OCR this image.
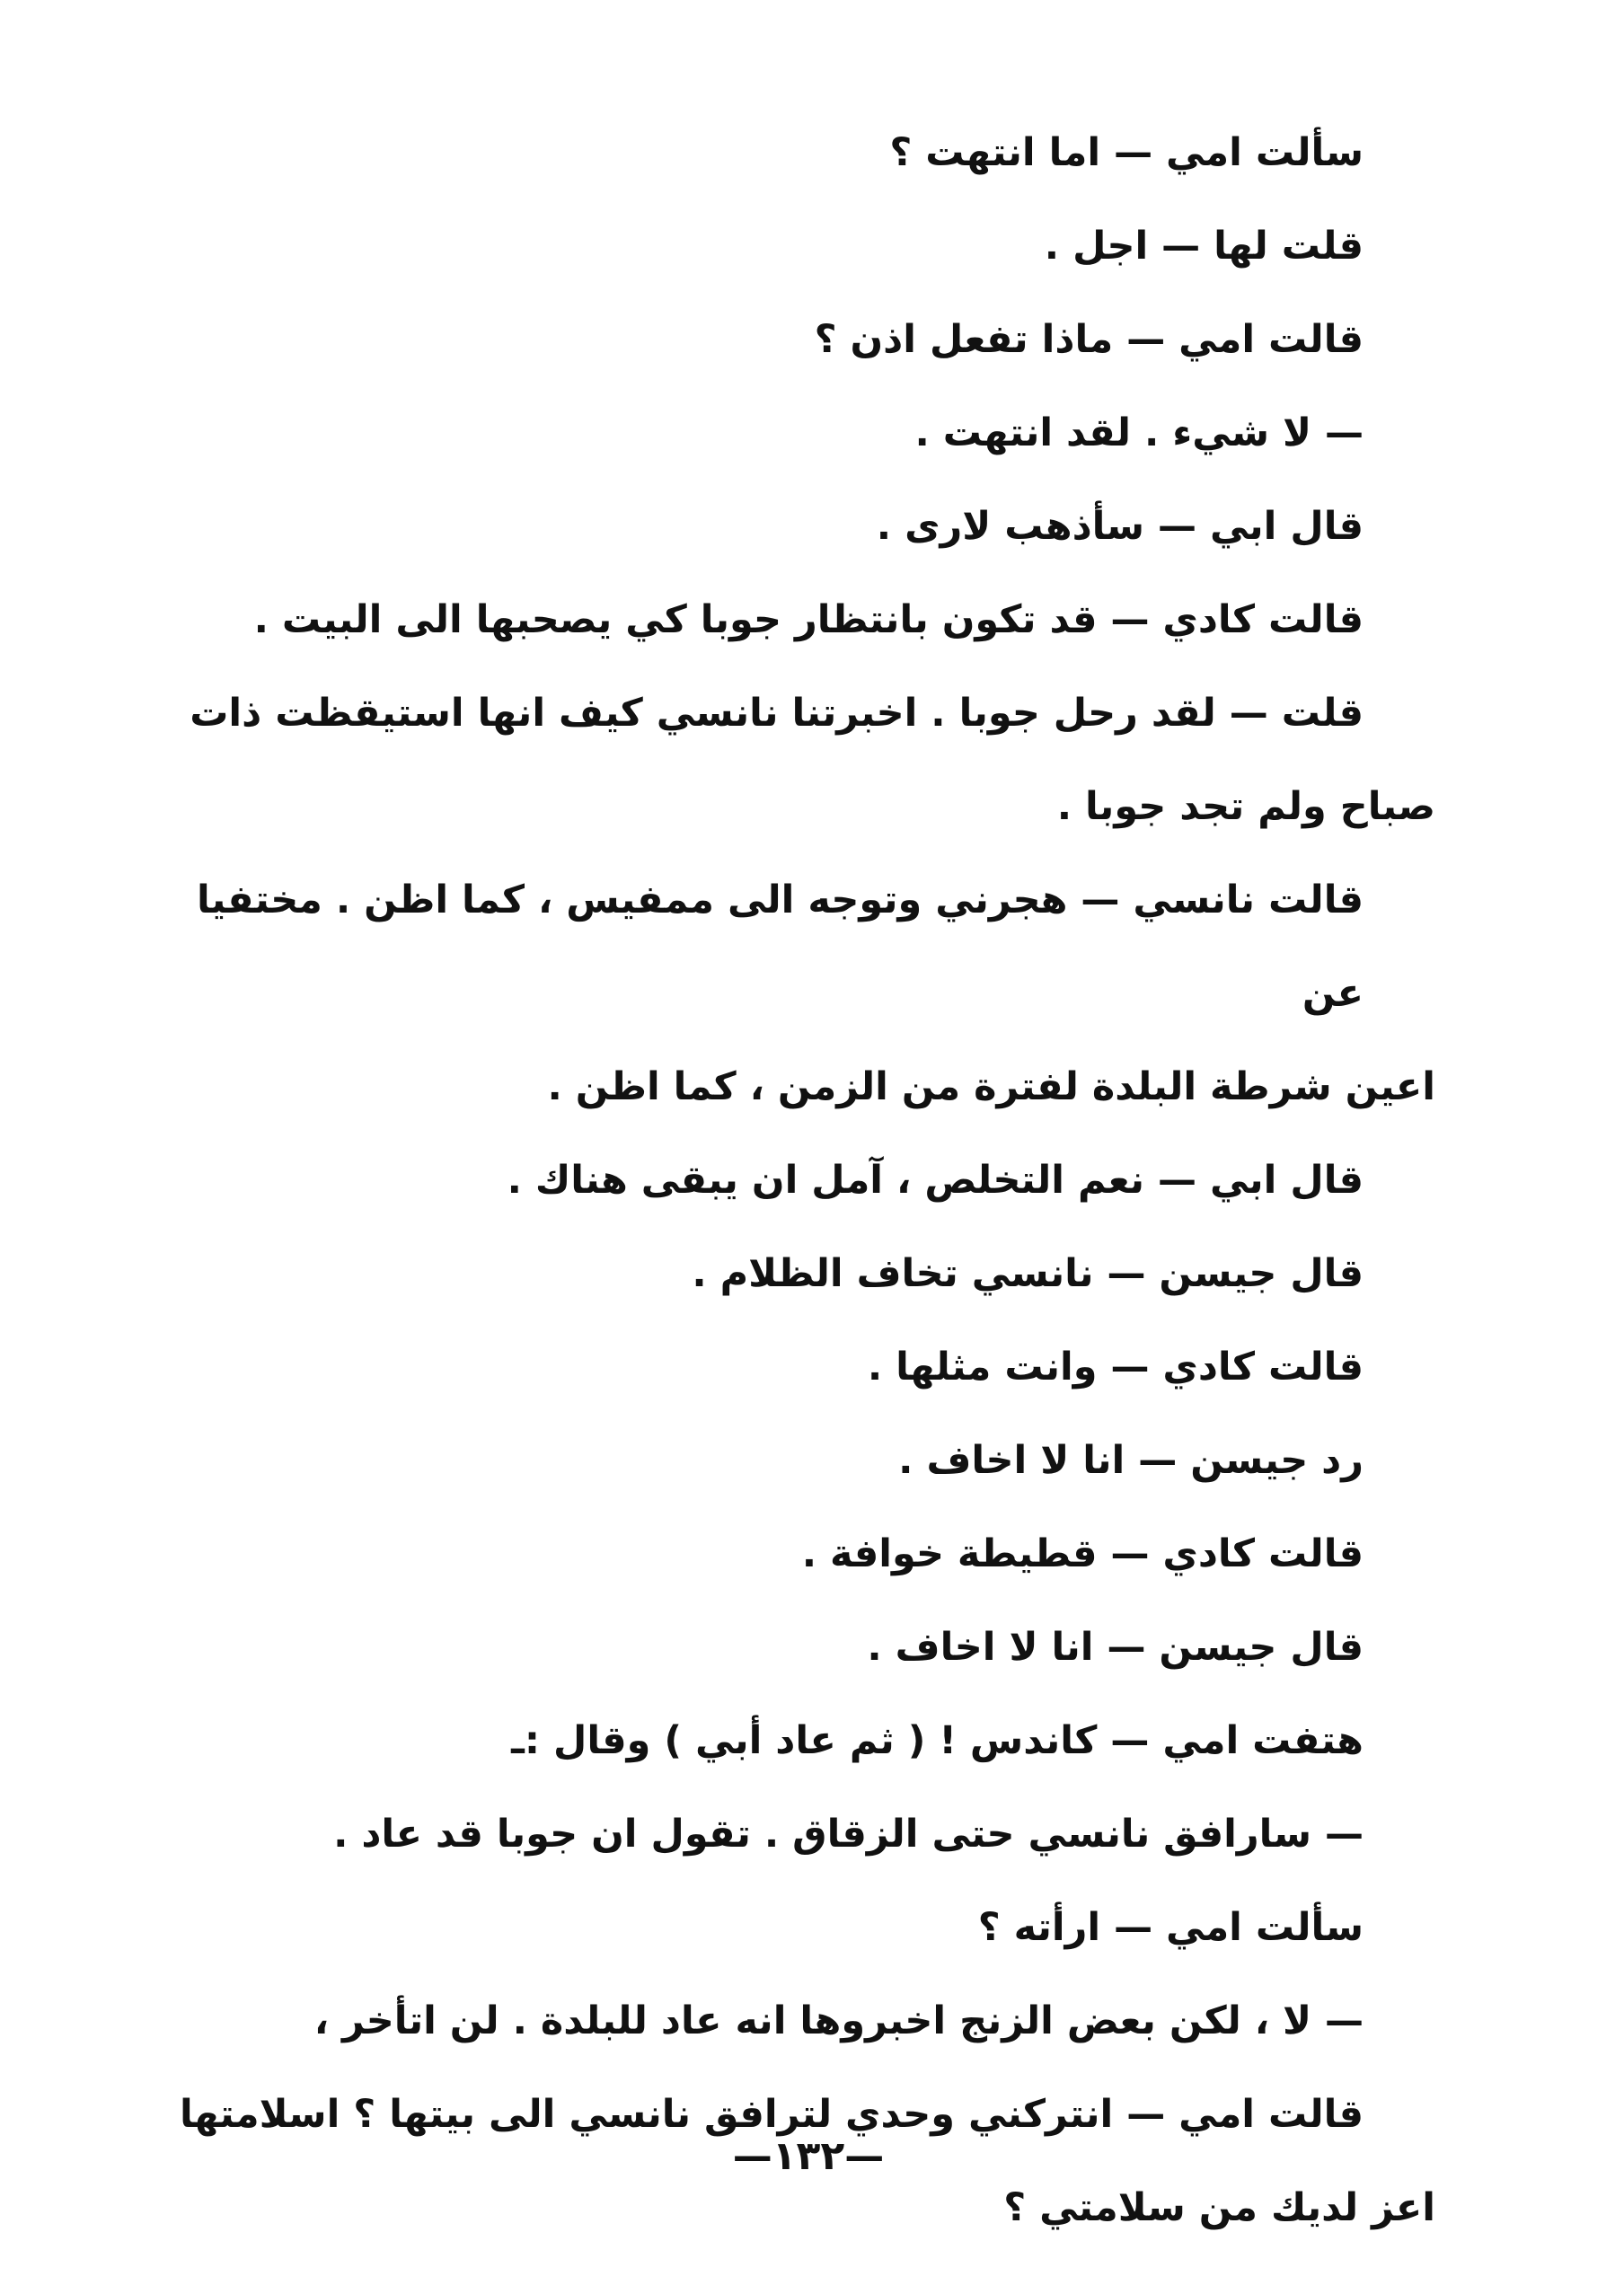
سألت امي — اما انتهت ؟

قلت لها — اجل .

قالت امي — ماذا تفعل اذن ؟

— لا شيء . لقد انتهت .

قال ابي — سأذهب لارى .

قالت كادي — قد تكون بانتظار جوبا كي يصحبها الى البيت .

قلت — لقد رحل جوبا . اخبرتنا نانسي كيف انها استيقظت ذات
صباح ولم تجد جوبا .

قالت نانسي — هجرني وتوجه الى ممفيس ، كما اظن . مختفيا عن
اعين شرطة البلدة لفترة من الزمن ، كما اظن .

قال ابي — نعم التخلص ، آمل ان يبقى هناك .

قال جيسن — نانسي تخاف الظلام .

قالت كادي — وانت مثلها .

رد جيسن — انا لا اخاف .

قالت كادي — قطيطة خوافة .

قال جيسن — انا لا اخاف .

هتفت امي — كاندس ! ( ثم عاد أبي ) وقال :ـ

— سارافق نانسي حتى الزقاق . تقول ان جوبا قد عاد .

سألت امي — ارأته ؟

— لا ، لكن بعض الزنج اخبروها انه عاد للبلدة . لن اتأخر ،

قالت امي — انتركني وحدي لترافق نانسي الى بيتها ؟ اسلامتها
اعز لديك من سلامتي ؟

—١٣٢—
